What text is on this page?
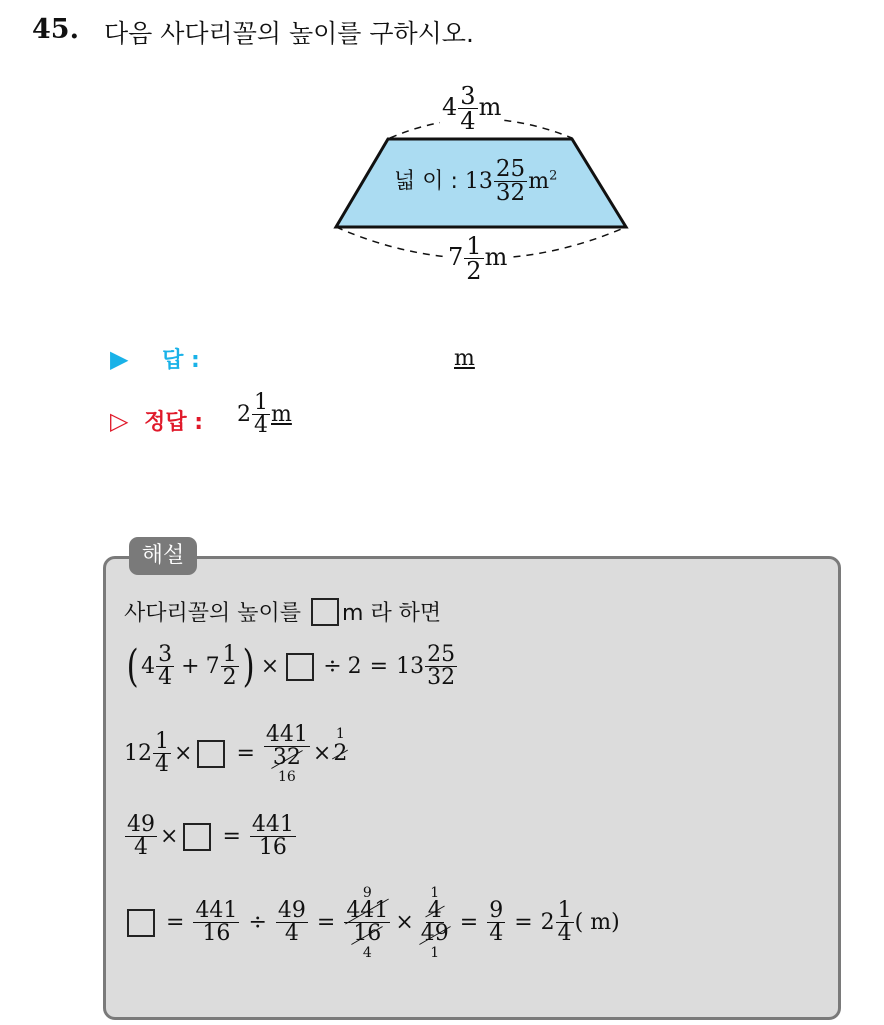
45. 다음 사다리꼴의 높이를 구하시오.
$4 \frac{3}{4}$ m
넓 이 : $13 \frac{25}{32} m^2$
$7 \frac{1}{2}$ m
▶ 답 :	m
▷ 정답 : $2 \frac{1}{4}$ m
해설
사다리꼴의 높이를 m 라 하면
( $4 \frac{3}{4} + 7 \frac{1}{2}$ ) × ÷ $2 = 13 \frac{25}{32}$
$12 \frac{1}{4}$ × =
441
32
16
×
1
2

$\frac{49}{4}$ × = $\frac{441}{16}$
= $\frac{441}{16} \div \frac{49}{4}$ =
9
$\frac{441}{16}$
4
×
1
$\frac{4}{49}$
1
= $\frac{9}{4} = 2 \frac{1}{4}$ ( m)
